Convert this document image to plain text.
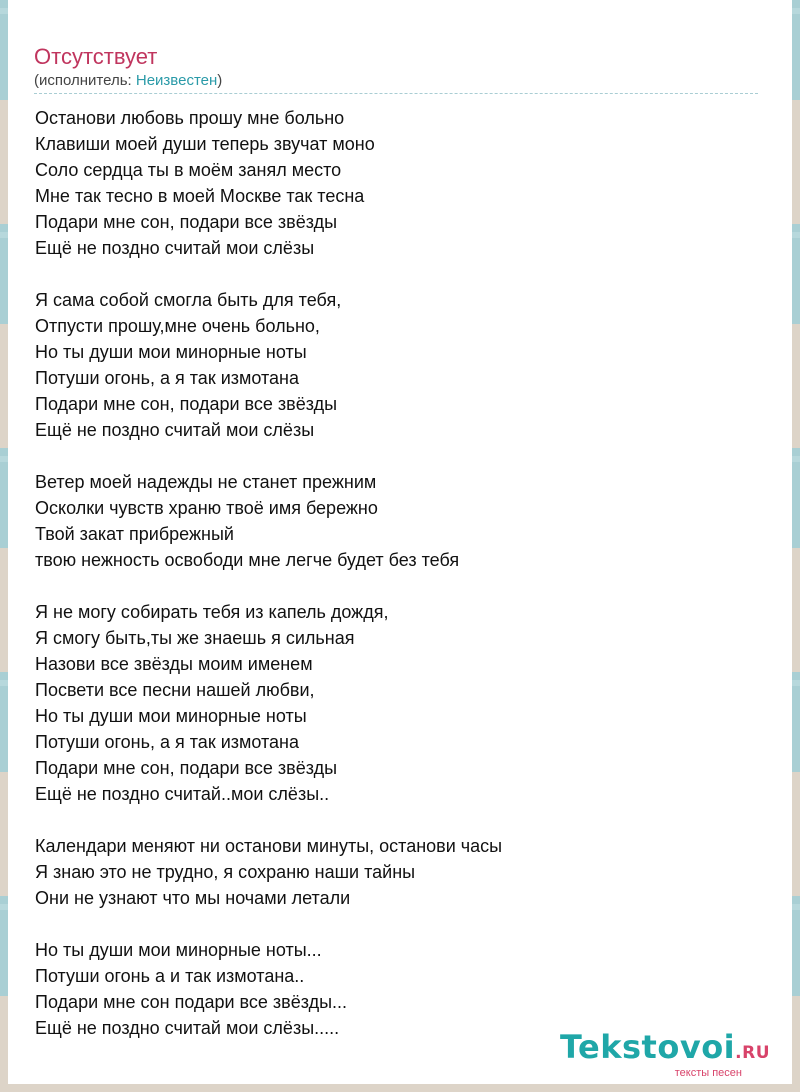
Отсутствует
(исполнитель: Неизвестен)
Останови любовь прошу мне больно
Клавиши моей души теперь звучат моно
Соло сердца ты в моём занял место
Мне так тесно в моей Москве так тесна
Подари мне сон, подари все звёзды
Ещё не поздно считай мои слёзы
Я сама собой смогла быть для тебя,
Отпусти прошу,мне очень больно,
Но ты души мои минорные ноты
Потуши огонь, а я так измотана
Подари мне сон, подари все звёзды
Ещё не поздно считай мои слёзы
Ветер моей надежды не станет прежним
Осколки чувств храню твоё имя бережно
Твой закат прибрежный
твою нежность освободи мне легче будет без тебя
Я не могу собирать тебя из капель дождя,
Я смогу быть,ты же знаешь я сильная
Назови все звёзды моим именем
Посвети все песни нашей любви,
Но ты души мои минорные ноты
Потуши огонь, а я так измотана
Подари мне сон, подари все звёзды
Ещё не поздно считай..мои слёзы..
Календари меняют ни останови минуты, останови часы
Я знаю это не трудно, я сохраню наши тайны
Они не узнают что мы ночами летали
Но ты души мои минорные ноты...
Потуши огонь а и так измотана..
Подари мне сон подари все звёзды...
Ещё не поздно считай мои слёзы.....	Tekstovoi.RU
тексты песен
